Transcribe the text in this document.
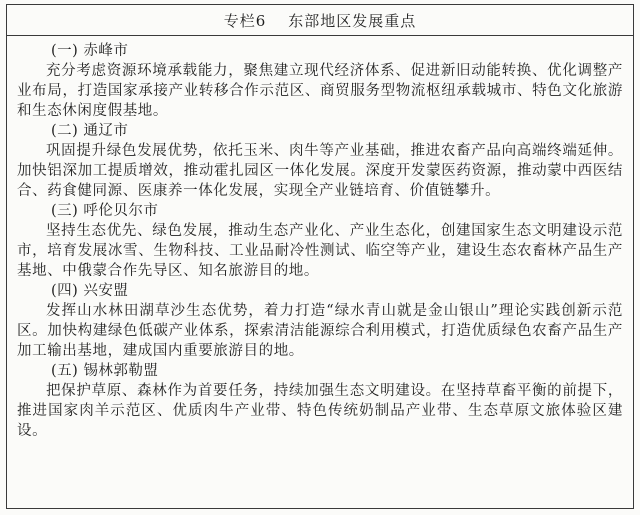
专栏6 东部地区发展重点
(一) 赤峰市

充分考虑资源环境承载能力，聚焦建立现代经济体系、促进新旧动能转换、优化调整产业布局，打造国家承接产业转移合作示范区、商贸服务型物流枢纽承载城市、特色文化旅游和生态休闲度假基地。

(二) 通辽市

巩固提升绿色发展优势，依托玉米、肉牛等产业基础，推进农畜产品向高端终端延伸。加快铝深加工提质增效，推动霍扎园区一体化发展。深度开发蒙医药资源，推动蒙中西医结合、药食健同源、医康养一体化发展，实现全产业链培育、价值链攀升。

(三) 呼伦贝尔市

坚持生态优先、绿色发展，推动生态产业化、产业生态化，创建国家生态文明建设示范市，培育发展冰雪、生物科技、工业品耐冷性测试、临空等产业，建设生态农畜林产品生产基地、中俄蒙合作先导区、知名旅游目的地。

(四) 兴安盟

发挥山水林田湖草沙生态优势，着力打造“绿水青山就是金山银山”理论实践创新示范区。加快构建绿色低碳产业体系，探索清洁能源综合利用模式，打造优质绿色农畜产品生产加工输出基地，建成国内重要旅游目的地。

(五) 锡林郭勒盟

把保护草原、森林作为首要任务，持续加强生态文明建设。在坚持草畜平衡的前提下，推进国家肉羊示范区、优质肉牛产业带、特色传统奶制品产业带、生态草原文旅体验区建设。
